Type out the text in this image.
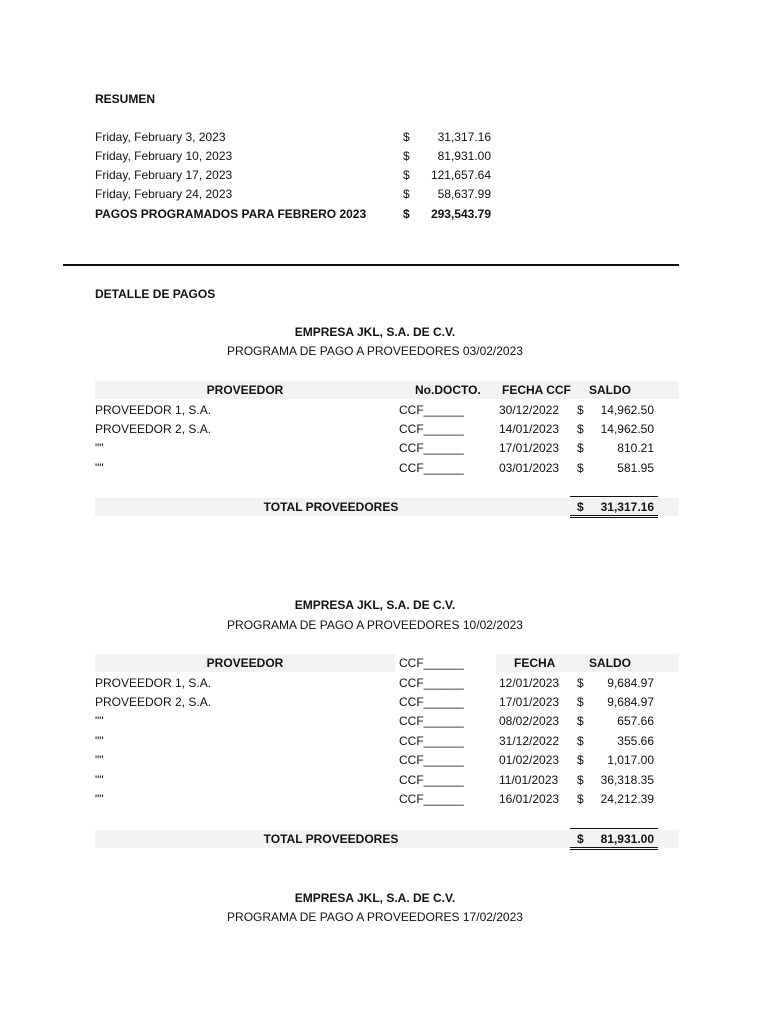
RESUMEN
Friday, February 3, 2023	$ 31,317.16
Friday, February 10, 2023	$ 81,931.00
Friday, February 17, 2023	$ 121,657.64
Friday, February 24, 2023	$ 58,637.99
PAGOS PROGRAMADOS PARA FEBRERO 2023	$ 293,543.79
DETALLE DE PAGOS
EMPRESA JKL, S.A. DE C.V.
PROGRAMA DE PAGO A PROVEEDORES 03/02/2023
PROVEEDOR	No.DOCTO. FECHA CCF SALDO
PROVEEDOR 1, S.A.	CCF______	30/12/2022 $ 14,962.50
PROVEEDOR 2, S.A.	CCF______	14/01/2023 $ 14,962.50
""	CCF______	17/01/2023 $	810.21
""	CCF______	03/01/2023 $	581.95
TOTAL PROVEEDORES	$ 31,317.16
EMPRESA JKL, S.A. DE C.V.
PROGRAMA DE PAGO A PROVEEDORES 10/02/2023
PROVEEDOR	CCF______	FECHA	SALDO
PROVEEDOR 1, S.A.	CCF______	12/01/2023 $ 9,684.97
PROVEEDOR 2, S.A.	CCF______	17/01/2023 $ 9,684.97
""	CCF______	08/02/2023 $	657.66
""	CCF______	31/12/2022 $	355.66
""	CCF______	01/02/2023 $ 1,017.00
""	CCF______	11/01/2023 $ 36,318.35
""	CCF______	16/01/2023 $ 24,212.39
TOTAL PROVEEDORES	$ 81,931.00
EMPRESA JKL, S.A. DE C.V.
PROGRAMA DE PAGO A PROVEEDORES 17/02/2023
